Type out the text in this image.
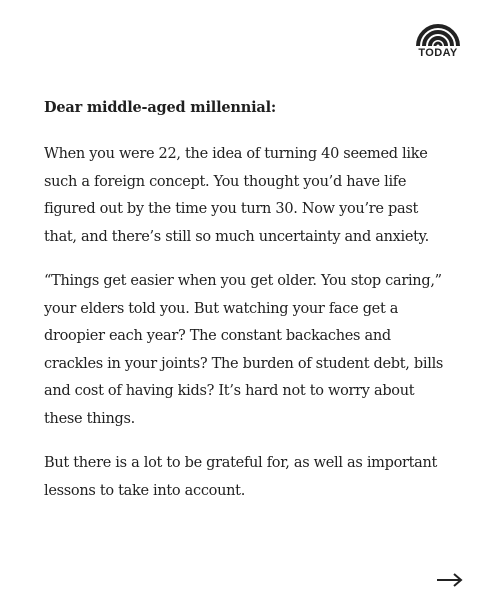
TODAY

Dear middle-aged millennial:

When you were 22, the idea of turning 40 seemed like such a foreign concept. You thought you’d have life figured out by the time you turn 30. Now you’re past that, and there’s still so much uncertainty and anxiety.

“Things get easier when you get older. You stop caring,” your elders told you. But watching your face get a droopier each year? The constant backaches and crackles in your joints? The burden of student debt, bills and cost of having kids? It’s hard not to worry about these things.

But there is a lot to be grateful for, as well as important lessons to take into account.
